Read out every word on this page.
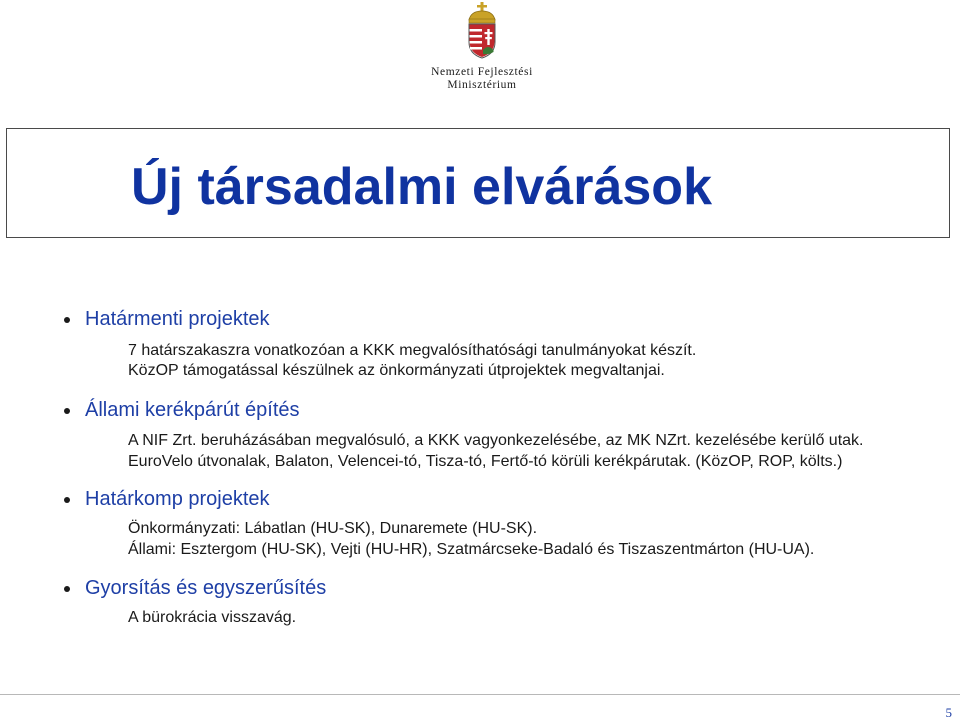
Nemzeti Fejlesztési
Minisztérium
Új társadalmi elvárások
Határmenti projektek
7 határszakaszra vonatkozóan a KKK megvalósíthatósági tanulmányokat készít.
KözOP támogatással készülnek az önkormányzati útprojektek megvaltanjai.
Állami kerékpárút építés
A NIF Zrt. beruházásában megvalósuló, a KKK vagyonkezelésébe, az MK NZrt. kezelésébe kerülő utak.
EuroVelo útvonalak, Balaton, Velencei-tó, Tisza-tó, Fertő-tó körüli kerékpárutak. (KözOP, ROP, költs.)
Határkomp projektek
Önkormányzati: Lábatlan (HU-SK), Dunaremete (HU-SK).
Állami: Esztergom (HU-SK), Vejti (HU-HR), Szatmárcseke-Badaló és Tiszaszentmárton (HU-UA).
Gyorsítás és egyszerűsítés
A bürokrácia visszavág.
5
